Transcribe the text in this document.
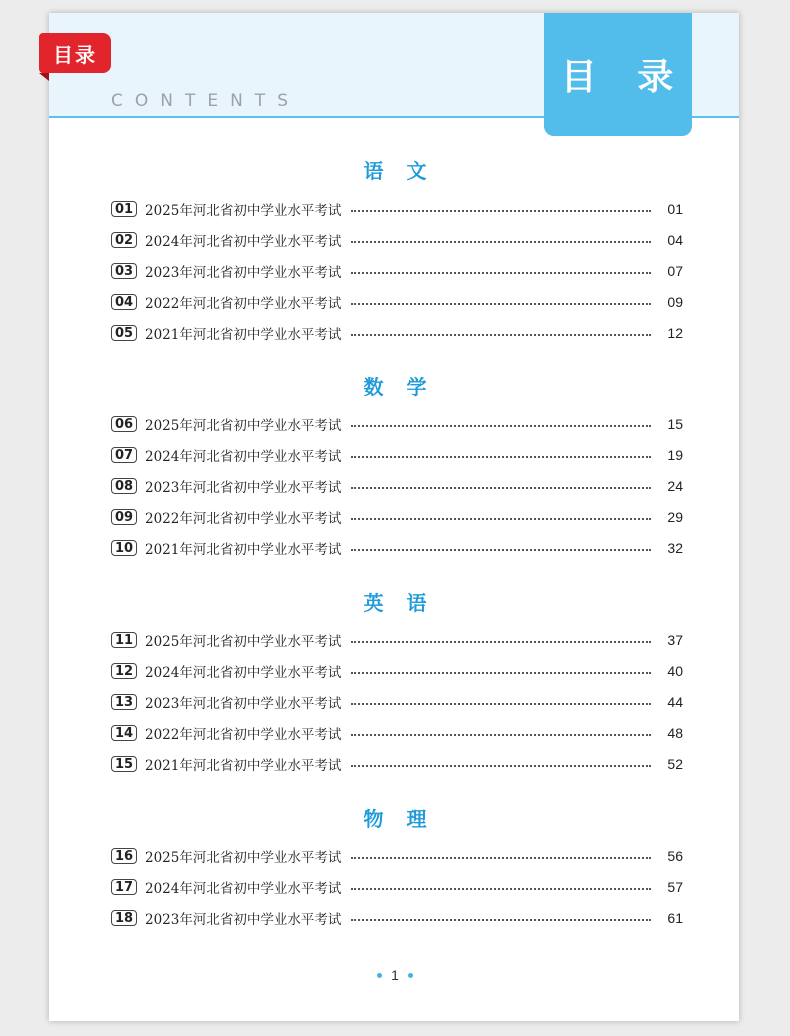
CONTENTS
目 录
目录
语 文
01 2025年河北省初中学业水平考试	01
02 2024年河北省初中学业水平考试	04
03 2023年河北省初中学业水平考试	07
04 2022年河北省初中学业水平考试	09
05 2021年河北省初中学业水平考试	12
数 学
06 2025年河北省初中学业水平考试	15
07 2024年河北省初中学业水平考试	19
08 2023年河北省初中学业水平考试	24
09 2022年河北省初中学业水平考试	29
10 2021年河北省初中学业水平考试	32
英 语
11 2025年河北省初中学业水平考试	37
12 2024年河北省初中学业水平考试	40
13 2023年河北省初中学业水平考试	44
14 2022年河北省初中学业水平考试	48
15 2021年河北省初中学业水平考试	52
物 理
16 2025年河北省初中学业水平考试	56
17 2024年河北省初中学业水平考试	57
18 2023年河北省初中学业水平考试	61
1
